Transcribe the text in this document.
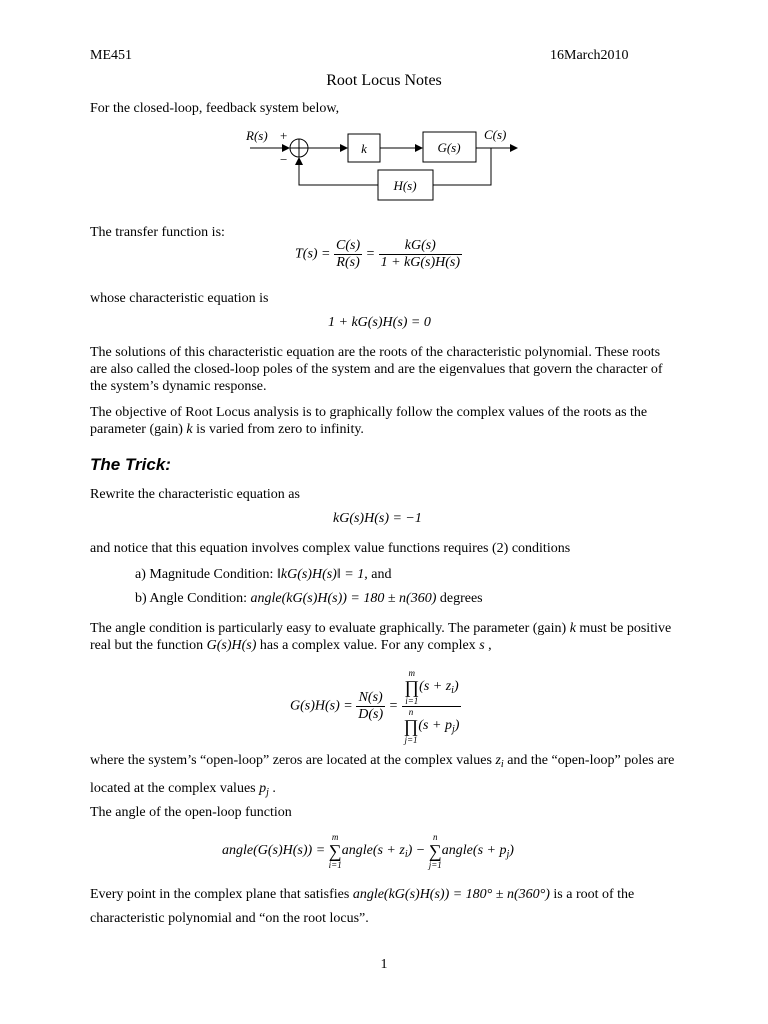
ME451	16March2010
Root Locus Notes
For the closed-loop, feedback system below,
R(s) +
−
k	G(s)
C(s)
H(s)
The transfer function is:
$T(s) = \frac{C(s)}{R(s)} = \frac{kG(s)}{1 + kG(s)H(s)}$
whose characteristic equation is
1 + kG(s)H(s) = 0
The solutions of this characteristic equation are the roots of the characteristic polynomial. These roots are also called the closed-loop poles of the system and are the eigenvalues that govern the character of the system’s dynamic response.
The objective of Root Locus analysis is to graphically follow the complex values of the roots as the parameter (gain) k is varied from zero to infinity.
The Trick:
Rewrite the characteristic equation as
kG(s)H(s) = −1
and notice that this equation involves complex value functions requires (2) conditions
a) Magnitude Condition: ‖kG(s)H(s)‖ = 1, and
b) Angle Condition: angle(kG(s)H(s)) = 180 ± n(360) degrees
The angle condition is particularly easy to evaluate graphically. The parameter (gain) k must be positive real but the function G(s)H(s) has a complex value. For any complex s ,
$G(s)H(s) = \frac{N(s)}{D(s)} = m$
∏
$i=1(s + z_i)$
n
∏
$j=1(s + p_j)$
where the system’s “open-loop” zeros are located at the complex values $z_i$ and the “open-loop” poles are located at the complex values $p_j$ .
The angle of the open-loop function
angle(G(s)H(s)) = m
∑
i=1angle(s + $z_i) - n$
∑
j=1angle(s + $p_j$)
Every point in the complex plane that satisfies angle(kG(s)H(s)) = 180° ± n(360°) is a root of the characteristic polynomial and “on the root locus”.
1
